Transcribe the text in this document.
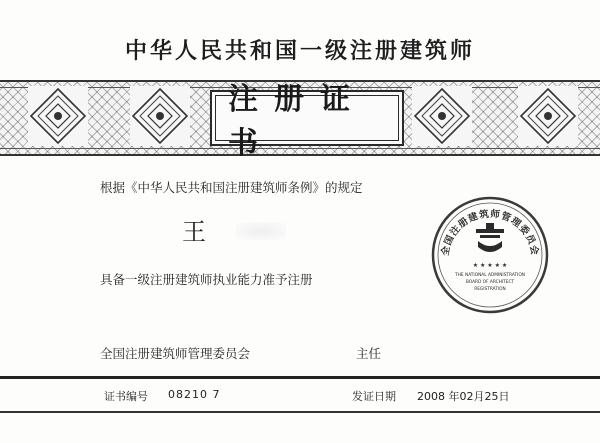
中华人民共和国一级注册建筑师
注册证书
根据《中华人民共和国注册建筑师条例》的规定
王
具备一级注册建筑师执业能力准予注册
全国注册建筑师管理委员会
★ ★ ★ ★ ★
THE NATIONAL ADMINISTRATION
BOARD OF ARCHITECT
REGISTRATION
全国注册建筑师管理委员会	主任
证书编号 08210 7	发证日期 2008 年02月25日
